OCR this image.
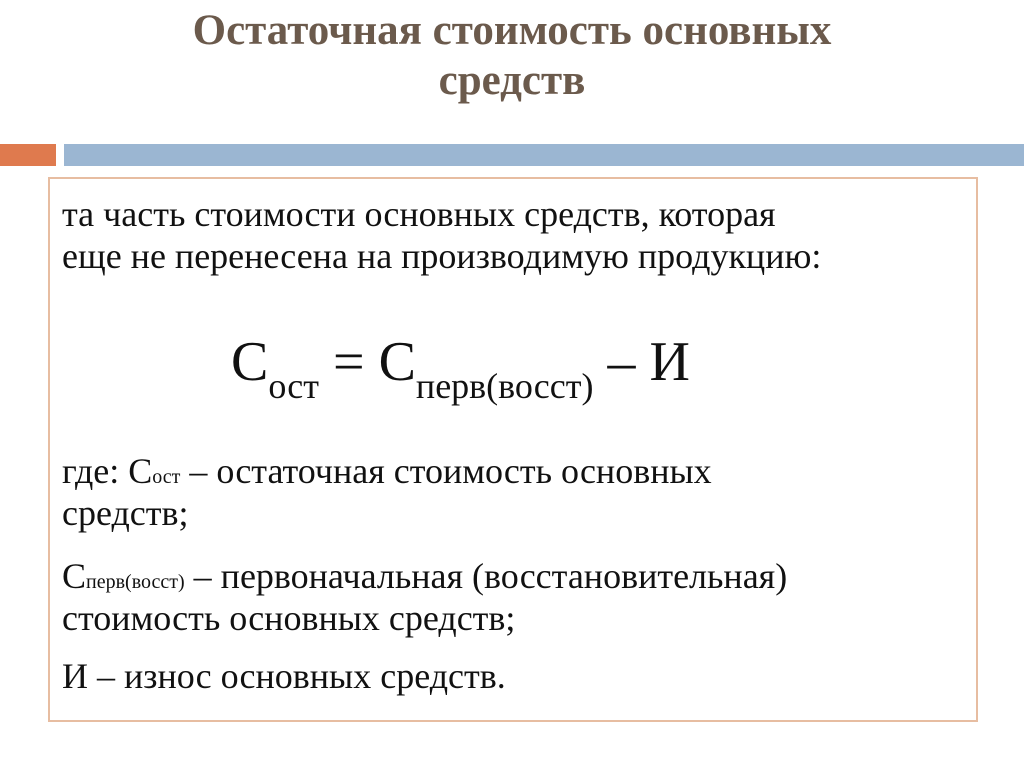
Остаточная стоимость основных
средств

та часть стоимости основных средств, которая

еще не перенесена на производимую продукцию:

$С_{ост} = С_{перв(восст)} - И$

где: Сост – остаточная стоимость основных

средств;

Сперв(восст) – первоначальная (восстановительная)

стоимость основных средств;

И – износ основных средств.
